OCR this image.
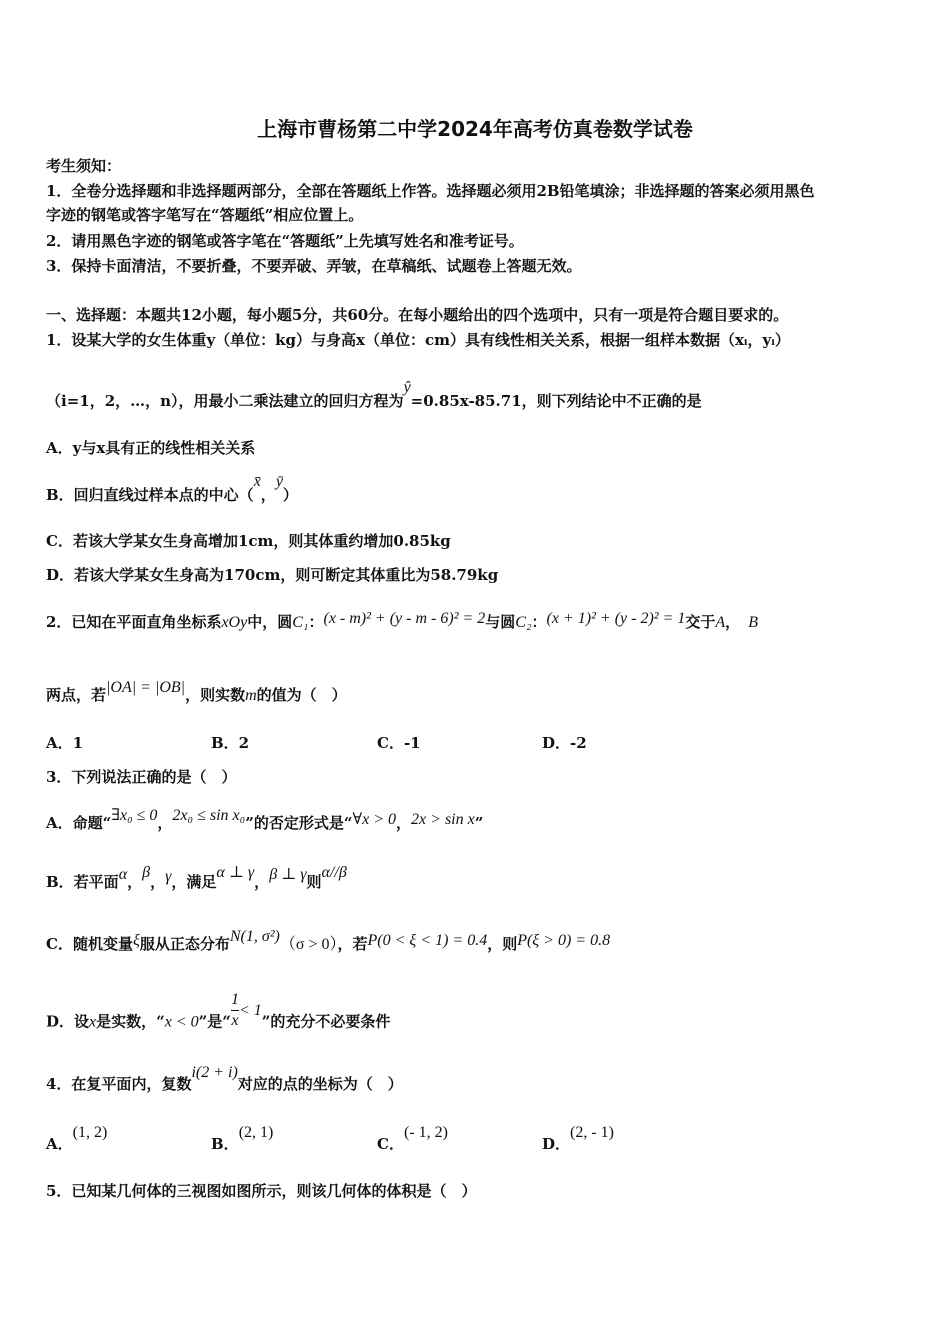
上海市曹杨第二中学2024年高考仿真卷数学试卷
考生须知：
1．全卷分选择题和非选择题两部分，全部在答题纸上作答。选择题必须用2B铅笔填涂；非选择题的答案必须用黑色
字迹的钢笔或答字笔写在“答题纸”相应位置上。
2．请用黑色字迹的钢笔或答字笔在“答题纸”上先填写姓名和准考证号。
3．保持卡面清洁，不要折叠，不要弄破、弄皱，在草稿纸、试题卷上答题无效。
一、选择题：本题共12小题，每小题5分，共60分。在每小题给出的四个选项中，只有一项是符合题目要求的。
1．设某大学的女生体重y（单位：kg）与身高x（单位：cm）具有线性相关关系，根据一组样本数据（xᵢ，yᵢ）
（i=1，2，…，n），用最小二乘法建立的回归方程为ŷ=0.85x-85.71，则下列结论中不正确的是
A．y与x具有正的线性相关关系
B．回归直线过样本点的中心（x̄，ȳ）
C．若该大学某女生身高增加1cm，则其体重约增加0.85kg
D．若该大学某女生身高为170cm，则可断定其体重比为58.79kg
2．已知在平面直角坐标系xOy中，圆C₁：(x - m)² + (y - m - 6)² = 2与圆C₂：(x + 1)² + (y - 2)² = 1交于A， B
两点，若|OA| = |OB|，则实数m的值为（　）
A．1	B．2	C．-1	D．-2
3．下列说法正确的是（　）
A．命题“∃x₀ ≤ 0，2x₀ ≤ sin x₀”的否定形式是“∀x > 0，2x > sin x”
B．若平面α，β，γ，满足α ⊥ γ，β ⊥ γ则α//β
C．随机变量ξ服从正态分布N(1, σ²)（σ > 0），若P(0 < ξ < 1) = 0.4，则P(ξ > 0) = 0.8
D．设x是实数，“x < 0”是“ $\frac{1}{x} < 1$”的充分不必要条件
4．在复平面内，复数i(2 + i)对应的点的坐标为（　）
A．(1, 2)
B．(2, 1)
C．(- 1, 2)
D．(2, - 1)
5．已知某几何体的三视图如图所示，则该几何体的体积是（　）
